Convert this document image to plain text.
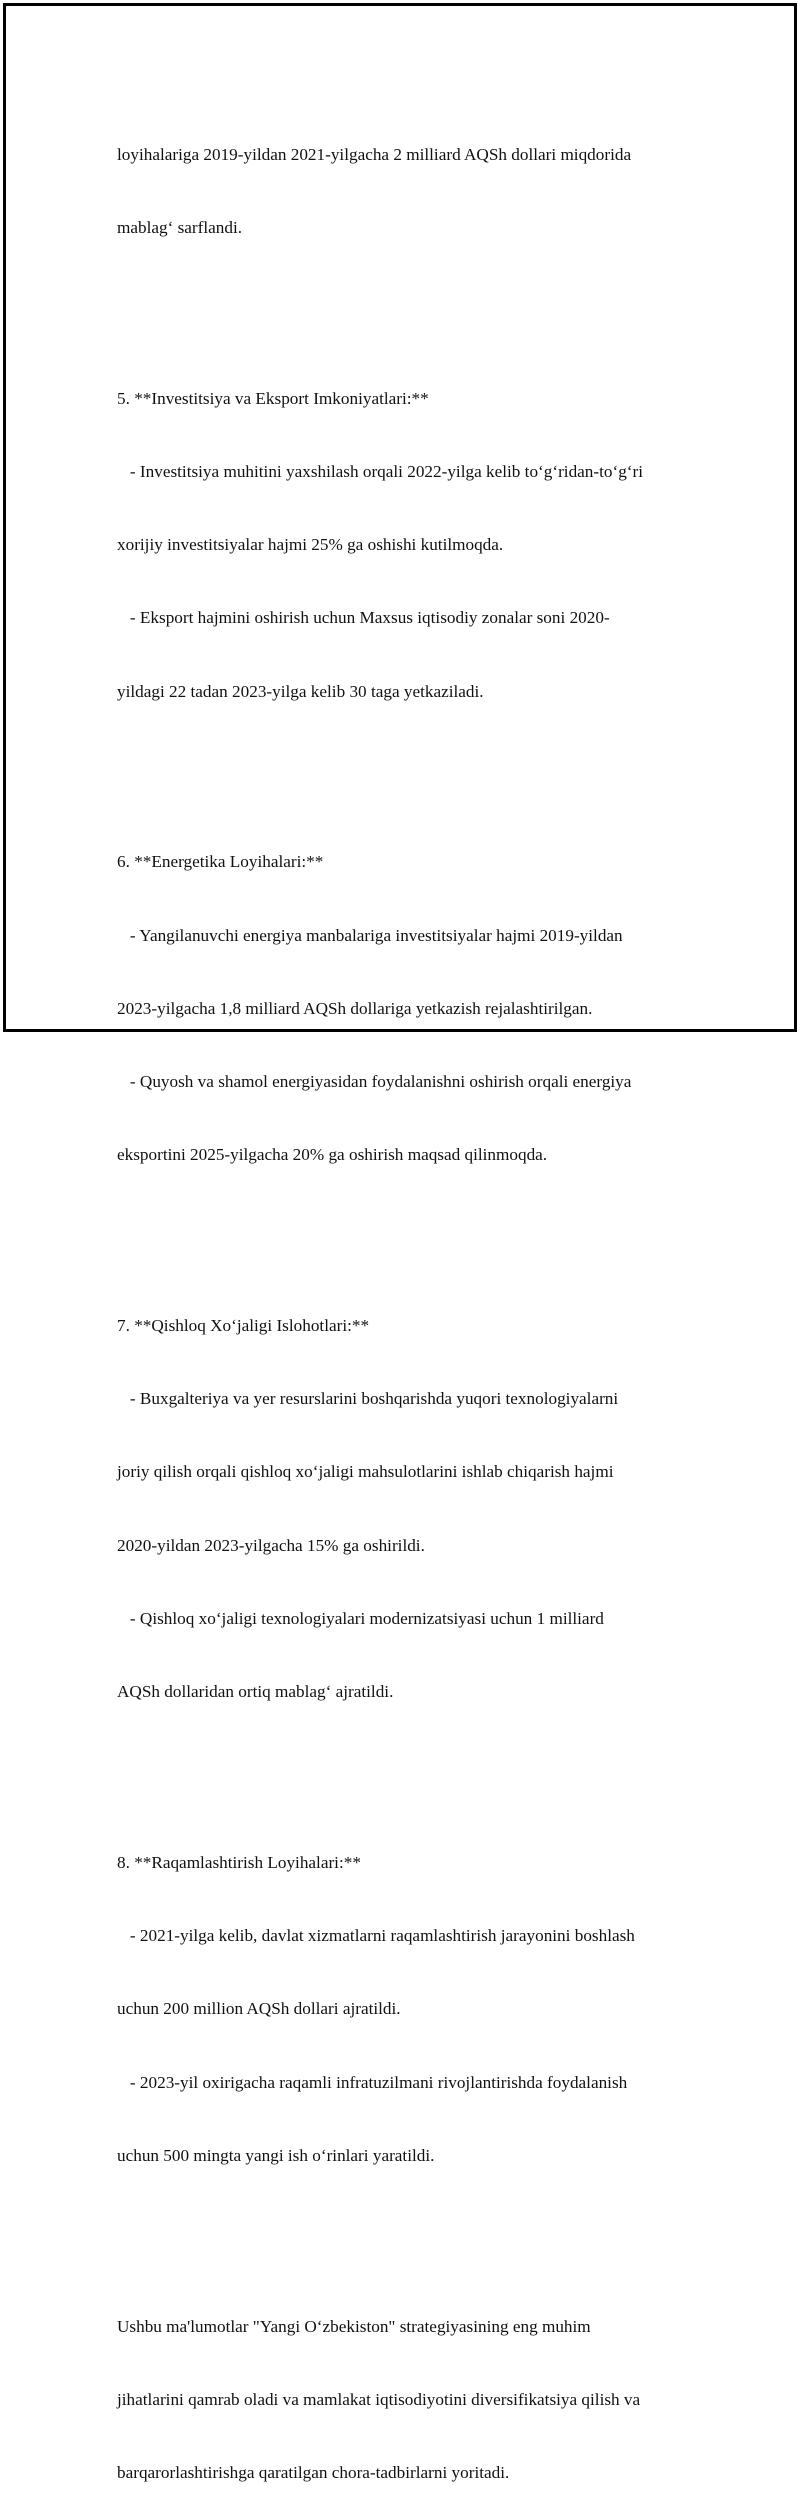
loyihalariga 2019-yildan 2021-yilgacha 2 milliard AQSh dollari miqdorida

mablag‘ sarflandi.

5. **Investitsiya va Eksport Imkoniyatlari:**

- Investitsiya muhitini yaxshilash orqali 2022-yilga kelib to‘g‘ridan-to‘g‘ri

xorijiy investitsiyalar hajmi 25% ga oshishi kutilmoqda.

- Eksport hajmini oshirish uchun Maxsus iqtisodiy zonalar soni 2020-

yildagi 22 tadan 2023-yilga kelib 30 taga yetkaziladi.

6. **Energetika Loyihalari:**

- Yangilanuvchi energiya manbalariga investitsiyalar hajmi 2019-yildan

2023-yilgacha 1,8 milliard AQSh dollariga yetkazish rejalashtirilgan.

- Quyosh va shamol energiyasidan foydalanishni oshirish orqali energiya

eksportini 2025-yilgacha 20% ga oshirish maqsad qilinmoqda.

7. **Qishloq Xo‘jaligi Islohotlari:**

- Buxgalteriya va yer resurslarini boshqarishda yuqori texnologiyalarni

joriy qilish orqali qishloq xo‘jaligi mahsulotlarini ishlab chiqarish hajmi

2020-yildan 2023-yilgacha 15% ga oshirildi.

- Qishloq xo‘jaligi texnologiyalari modernizatsiyasi uchun 1 milliard

AQSh dollaridan ortiq mablag‘ ajratildi.

8. **Raqamlashtirish Loyihalari:**

- 2021-yilga kelib, davlat xizmatlarni raqamlashtirish jarayonini boshlash

uchun 200 million AQSh dollari ajratildi.

- 2023-yil oxirigacha raqamli infratuzilmani rivojlantirishda foydalanish

uchun 500 mingta yangi ish o‘rinlari yaratildi.

Ushbu ma'lumotlar "Yangi O‘zbekiston" strategiyasining eng muhim

jihatlarini qamrab oladi va mamlakat iqtisodiyotini diversifikatsiya qilish va

barqarorlashtirishga qaratilgan chora-tadbirlarni yoritadi.
